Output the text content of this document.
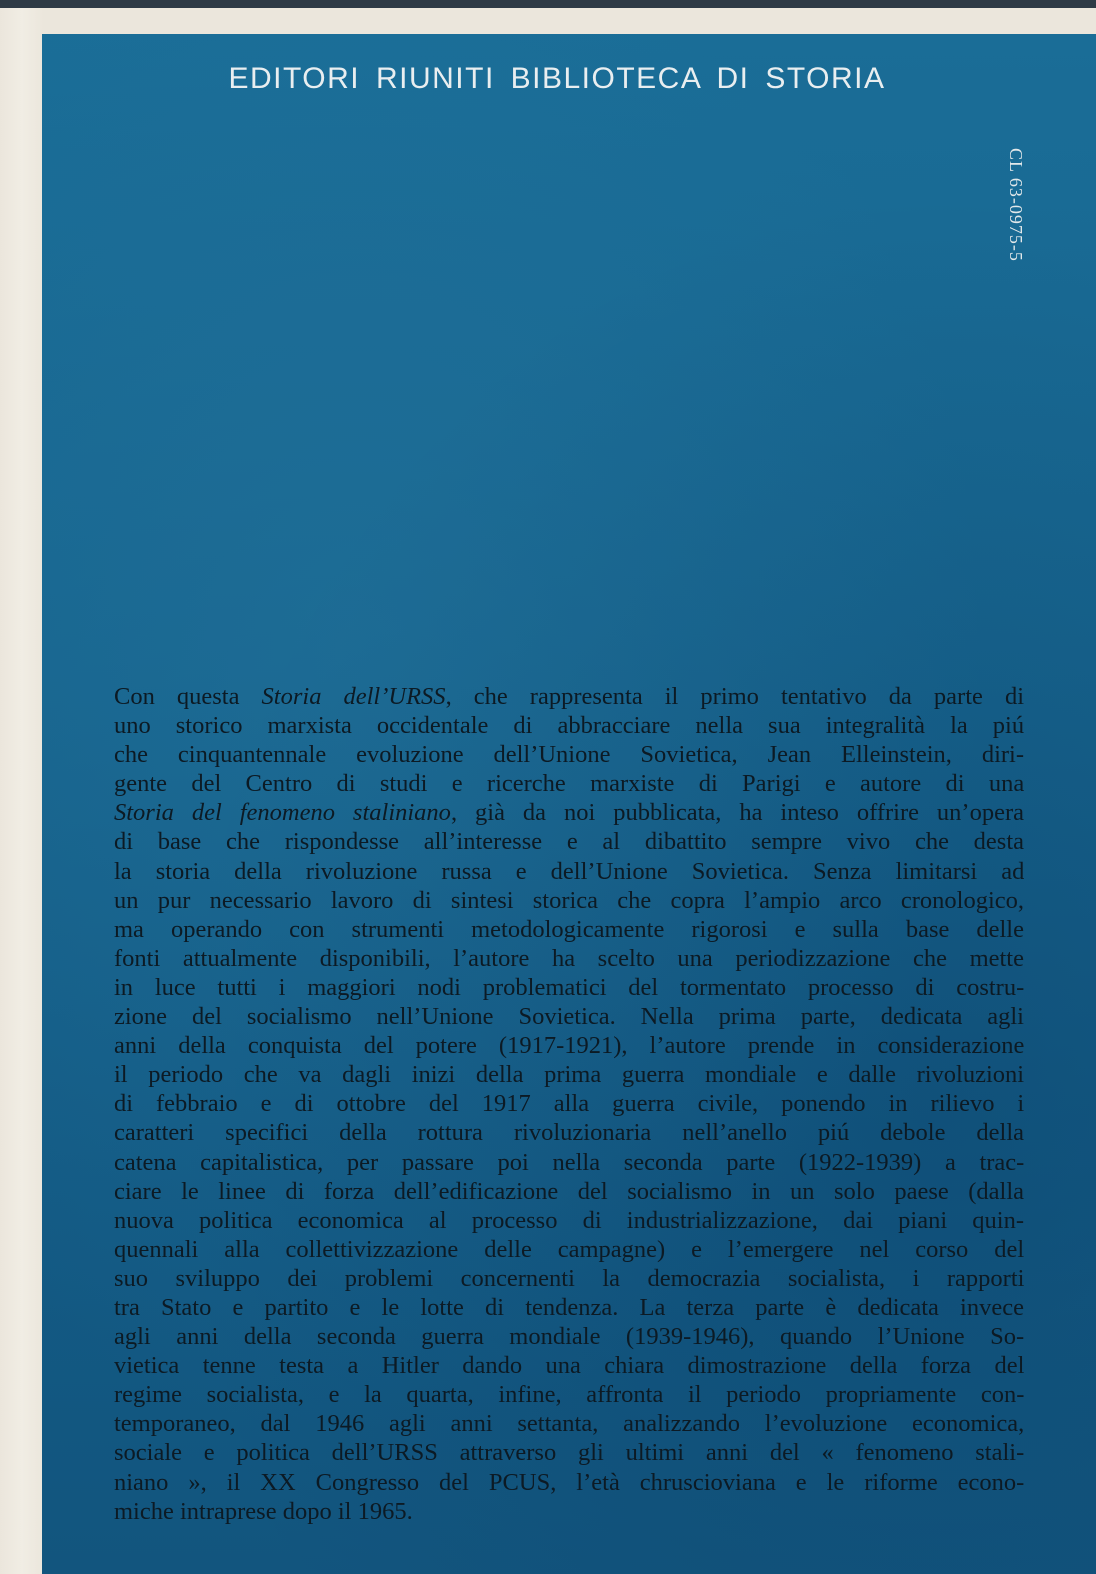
EDITORI RIUNITI BIBLIOTECA DI STORIA
CL 63-0975-5
Con questa Storia dell’URSS, che rappresenta il primo tentativo da parte di
uno storico marxista occidentale di abbracciare nella sua integralità la piú
che cinquantennale evoluzione dell’Unione Sovietica, Jean Elleinstein, diri-
gente del Centro di studi e ricerche marxiste di Parigi e autore di una
Storia del fenomeno staliniano, già da noi pubblicata, ha inteso offrire un’opera
di base che rispondesse all’interesse e al dibattito sempre vivo che desta
la storia della rivoluzione russa e dell’Unione Sovietica. Senza limitarsi ad
un pur necessario lavoro di sintesi storica che copra l’ampio arco cronologico,
ma operando con strumenti metodologicamente rigorosi e sulla base delle
fonti attualmente disponibili, l’autore ha scelto una periodizzazione che mette
in luce tutti i maggiori nodi problematici del tormentato processo di costru-
zione del socialismo nell’Unione Sovietica. Nella prima parte, dedicata agli
anni della conquista del potere (1917-1921), l’autore prende in considerazione
il periodo che va dagli inizi della prima guerra mondiale e dalle rivoluzioni
di febbraio e di ottobre del 1917 alla guerra civile, ponendo in rilievo i
caratteri specifici della rottura rivoluzionaria nell’anello piú debole della
catena capitalistica, per passare poi nella seconda parte (1922-1939) a trac-
ciare le linee di forza dell’edificazione del socialismo in un solo paese (dalla
nuova politica economica al processo di industrializzazione, dai piani quin-
quennali alla collettivizzazione delle campagne) e l’emergere nel corso del
suo sviluppo dei problemi concernenti la democrazia socialista, i rapporti
tra Stato e partito e le lotte di tendenza. La terza parte è dedicata invece
agli anni della seconda guerra mondiale (1939-1946), quando l’Unione So-
vietica tenne testa a Hitler dando una chiara dimostrazione della forza del
regime socialista, e la quarta, infine, affronta il periodo propriamente con-
temporaneo, dal 1946 agli anni settanta, analizzando l’evoluzione economica,
sociale e politica dell’URSS attraverso gli ultimi anni del « fenomeno stali-
niano », il XX Congresso del PCUS, l’età chruscioviana e le riforme econo-
miche intraprese dopo il 1965.
